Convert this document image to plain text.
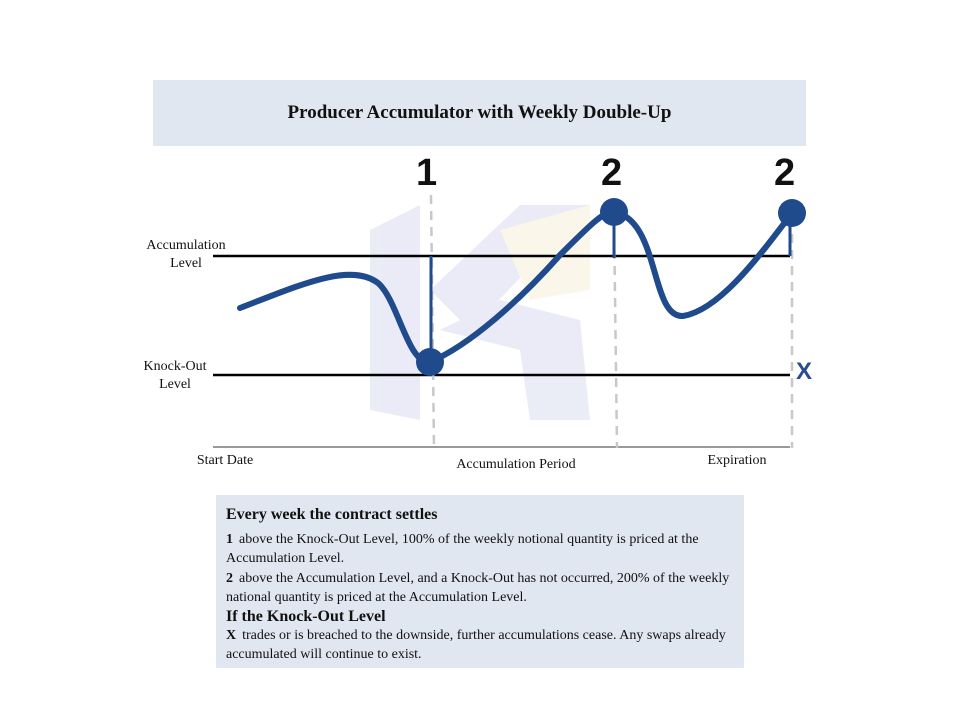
Producer Accumulator with Weekly Double-Up
1	2	2
X
Accumulation
Level
Knock-Out
Level
Start Date	Accumulation Period	Expiration
Every week the contract settles

1 above the Knock-Out Level, 100% of the weekly notional quantity is priced at the Accumulation Level.

2 above the Accumulation Level, and a Knock-Out has not occurred, 200% of the weekly national quantity is priced at the Accumulation Level.

If the Knock-Out Level

X trades or is breached to the downside, further accumulations cease. Any swaps already accumulated will continue to exist.
